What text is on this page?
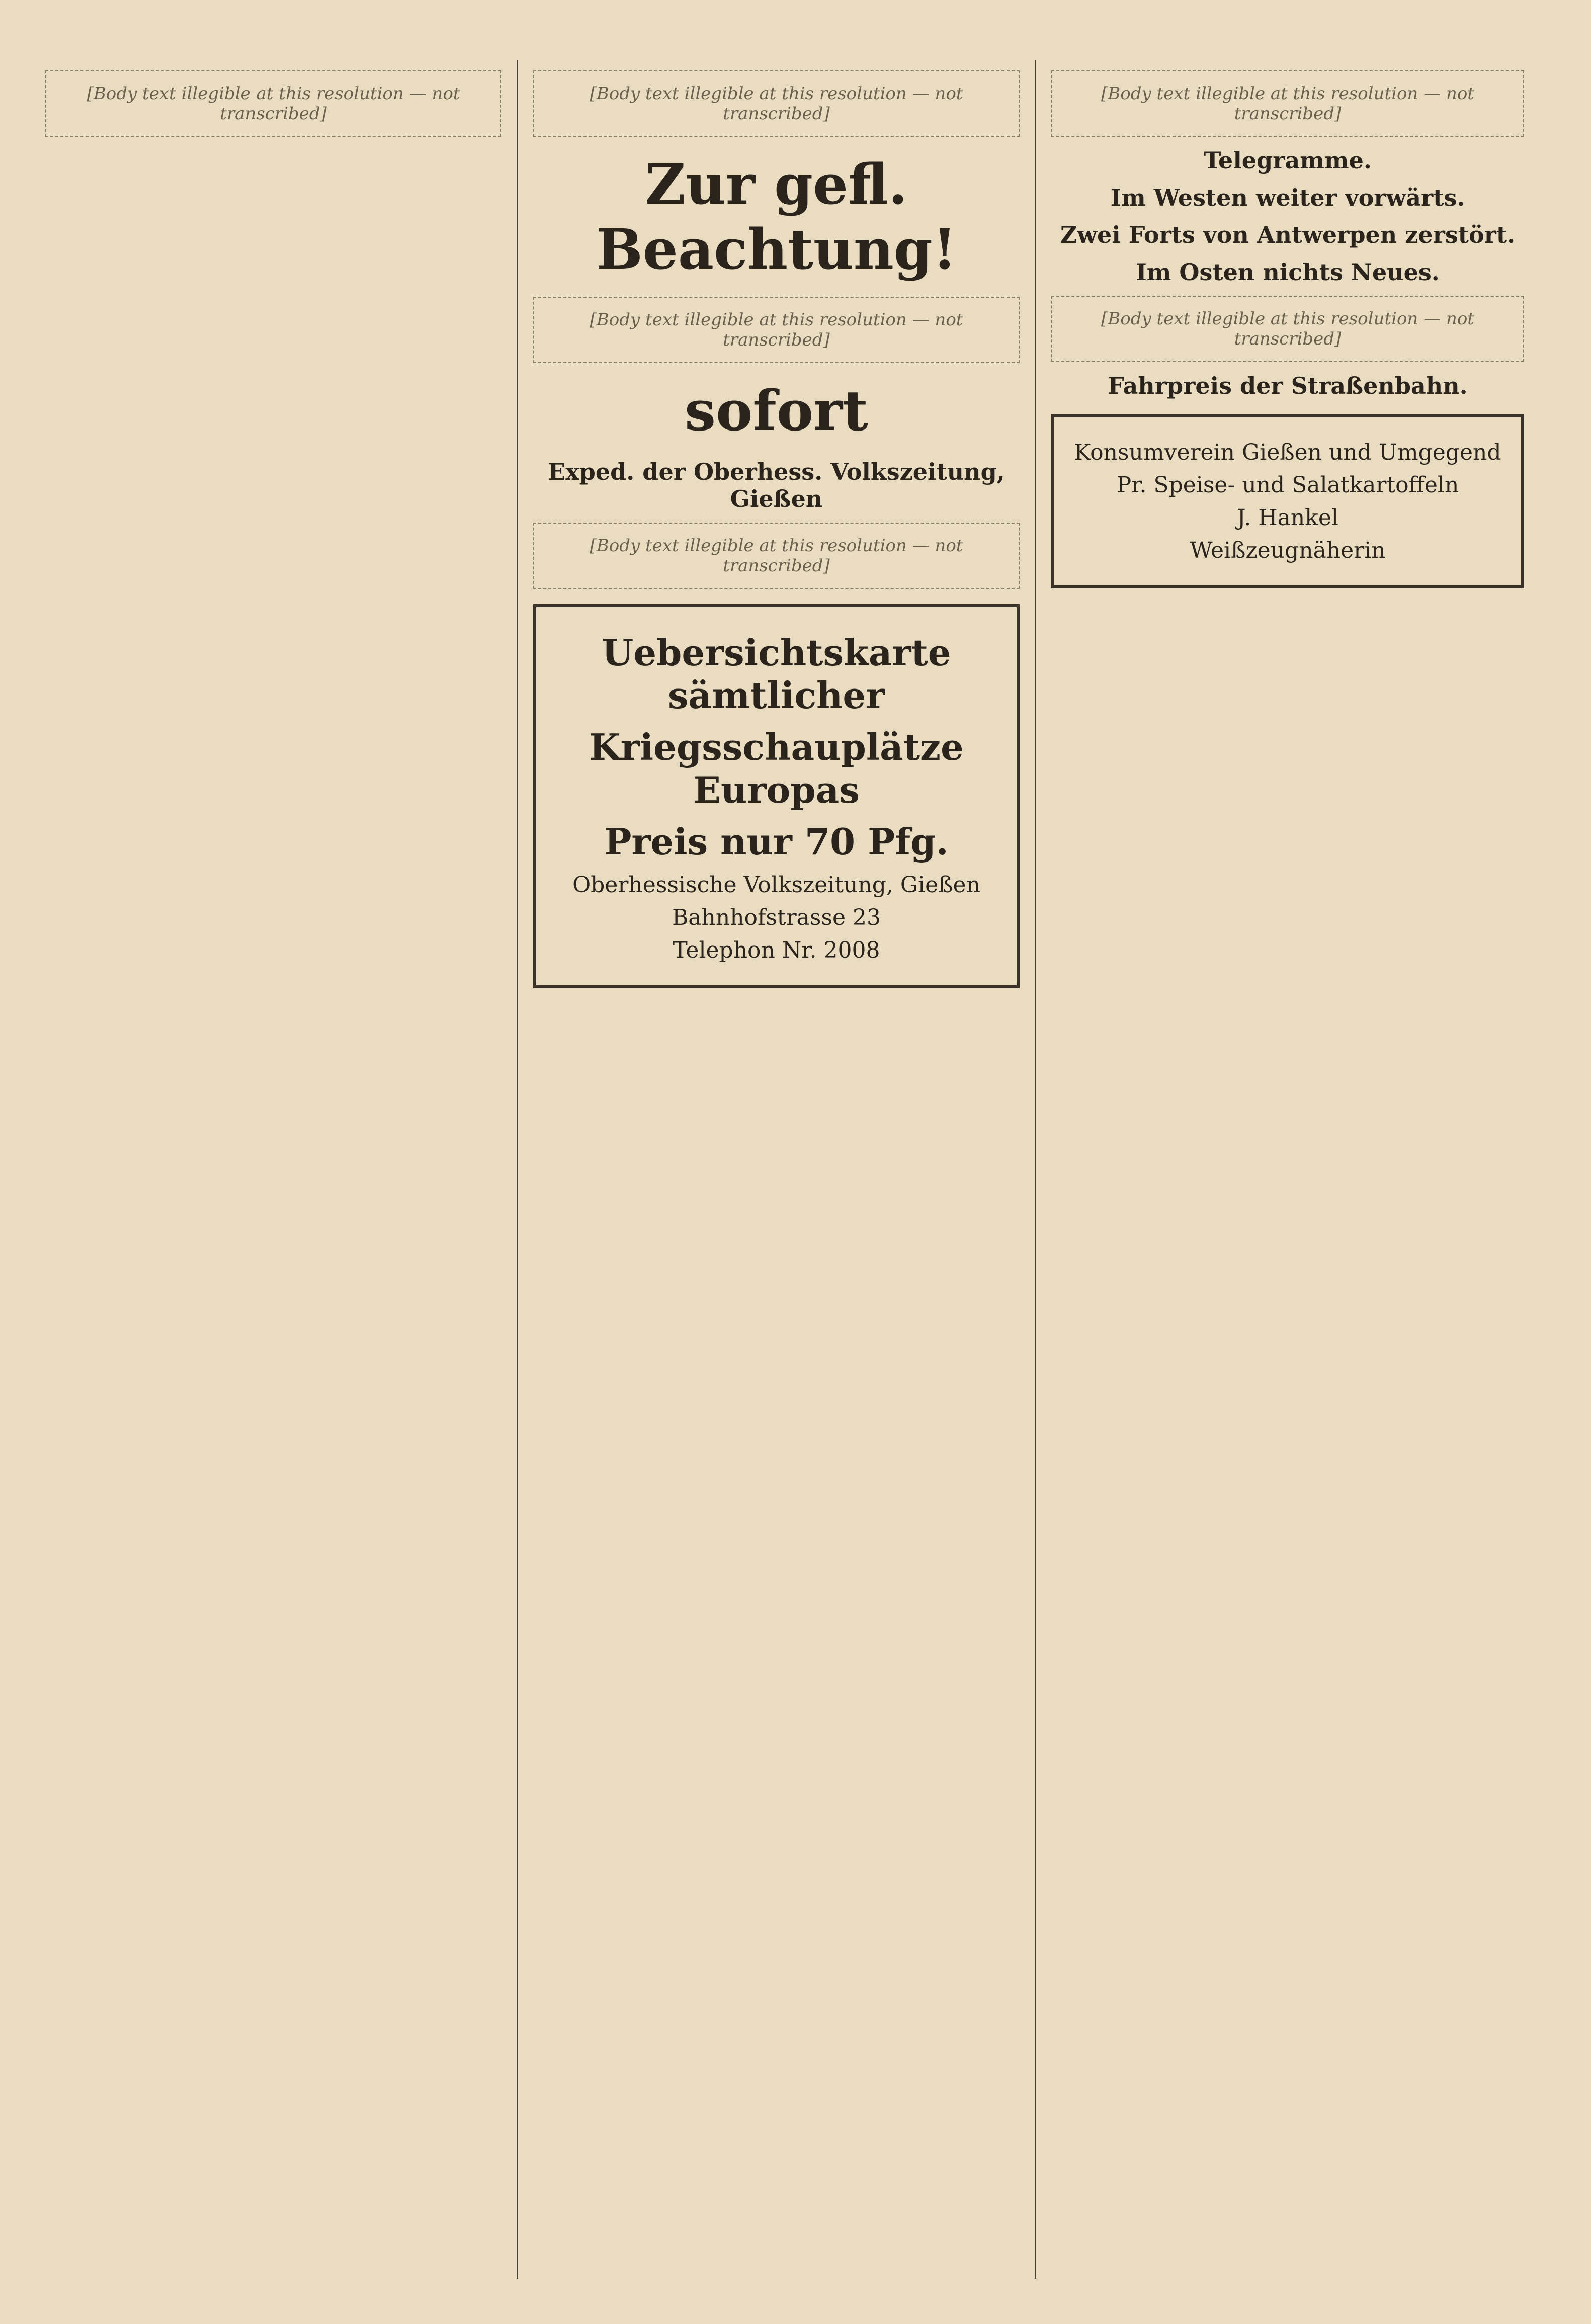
[Body text illegible at this resolution — not transcribed]
[Body text illegible at this resolution — not transcribed]
Zur gefl. Beachtung!
[Body text illegible at this resolution — not transcribed]
sofort
Exped. der Oberhess. Volkszeitung, Gießen
[Body text illegible at this resolution — not transcribed]
Uebersichtskarte sämtlicher
Kriegsschauplätze Europas
Preis nur 70 Pfg.
Oberhessische Volkszeitung, Gießen
Bahnhofstrasse 23
Telephon Nr. 2008
[Body text illegible at this resolution — not transcribed]
Telegramme.
Im Westen weiter vorwärts.
Zwei Forts von Antwerpen zerstört.
Im Osten nichts Neues.
[Body text illegible at this resolution — not transcribed]
Fahrpreis der Straßenbahn.
Konsumverein Gießen und Umgegend
Pr. Speise- und Salatkartoffeln
J. Hankel
Weißzeugnäherin
